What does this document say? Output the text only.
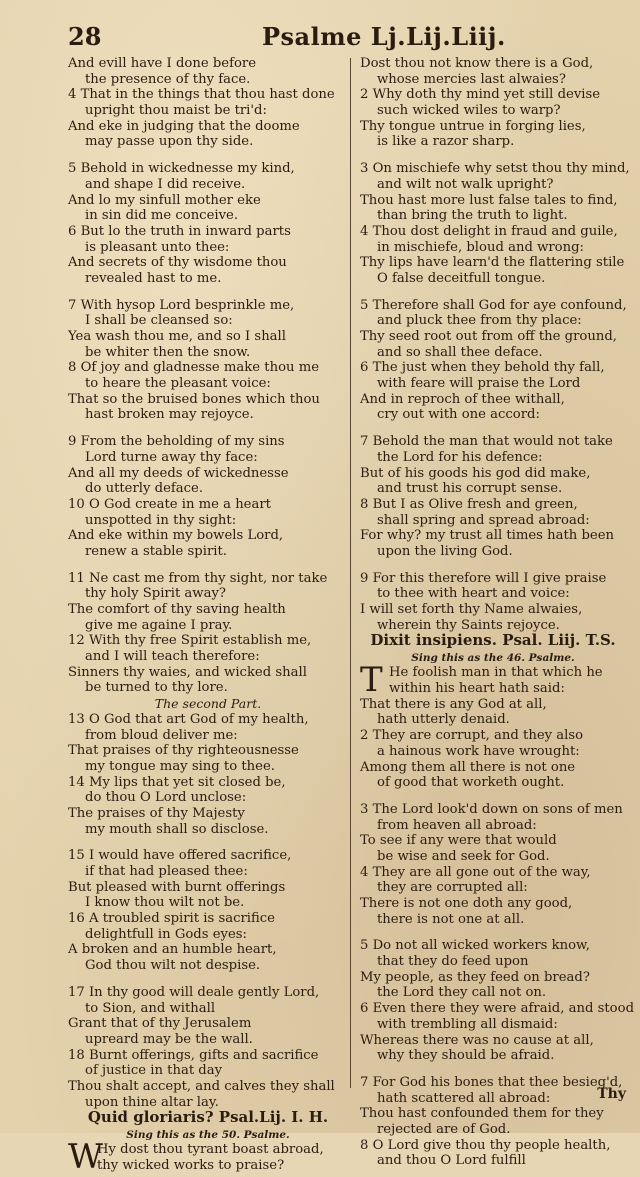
28	Psalme Lj.Lij.Liij.
And evill have I done before
the presence of thy face.
4 That in the things that thou hast done
upright thou maist be tri'd:
And eke in judging that the doome
may passe upon thy side.
5 Behold in wickednesse my kind,
and shape I did receive.
And lo my sinfull mother eke
in sin did me conceive.
6 But lo the truth in inward parts
is pleasant unto thee:
And secrets of thy wisdome thou
revealed hast to me.
7 With hysop Lord besprinkle me,
I shall be cleansed so:
Yea wash thou me, and so I shall
be whiter then the snow.
8 Of joy and gladnesse make thou me
to heare the pleasant voice:
That so the bruised bones which thou
hast broken may rejoyce.
9 From the beholding of my sins
Lord turne away thy face:
And all my deeds of wickednesse
do utterly deface.
10 O God create in me a heart
unspotted in thy sight:
And eke within my bowels Lord,
renew a stable spirit.
11 Ne cast me from thy sight, nor take
thy holy Spirit away?
The comfort of thy saving health
give me againe I pray.
12 With thy free Spirit establish me,
and I will teach therefore:
Sinners thy waies, and wicked shall
be turned to thy lore.
The second Part.
13 O God that art God of my health,
from bloud deliver me:
That praises of thy righteousnesse
my tongue may sing to thee.
14 My lips that yet sit closed be,
do thou O Lord unclose:
The praises of thy Majesty
my mouth shall so disclose.
15 I would have offered sacrifice,
if that had pleased thee:
But pleased with burnt offerings
I know thou wilt not be.
16 A troubled spirit is sacrifice
delightfull in Gods eyes:
A broken and an humble heart,
God thou wilt not despise.
17 In thy good will deale gently Lord,
to Sion, and withall
Grant that of thy Jerusalem
upreard may be the wall.
18 Burnt offerings, gifts and sacrifice
of justice in that day
Thou shalt accept, and calves they shall
upon thine altar lay.
Quid gloriaris? Psal.Lij. I. H.
Sing this as the 50. Psalme.
W
Hy dost thou tyrant boast abroad,
thy wicked works to praise?
Dost thou not know there is a God,
whose mercies last alwaies?
2 Why doth thy mind yet still devise
such wicked wiles to warp?
Thy tongue untrue in forging lies,
is like a razor sharp.
3 On mischiefe why setst thou thy mind,
and wilt not walk upright?
Thou hast more lust false tales to find,
than bring the truth to light.
4 Thou dost delight in fraud and guile,
in mischiefe, bloud and wrong:
Thy lips have learn'd the flattering stile
O false deceitfull tongue.
5 Therefore shall God for aye confound,
and pluck thee from thy place:
Thy seed root out from off the ground,
and so shall thee deface.
6 The just when they behold thy fall,
with feare will praise the Lord
And in reproch of thee withall,
cry out with one accord:
7 Behold the man that would not take
the Lord for his defence:
But of his goods his god did make,
and trust his corrupt sense.
8 But I as Olive fresh and green,
shall spring and spread abroad:
For why? my trust all times hath been
upon the living God.
9 For this therefore will I give praise
to thee with heart and voice:
I will set forth thy Name alwaies,
wherein thy Saints rejoyce.
Dixit insipiens. Psal. Liij. T.S.
Sing this as the 46. Psalme.
T He foolish man in that which he
within his heart hath said:
That there is any God at all,
hath utterly denaid.
2 They are corrupt, and they also
a hainous work have wrought:
Among them all there is not one
of good that worketh ought.
3 The Lord look'd down on sons of men
from heaven all abroad:
To see if any were that would
be wise and seek for God.
4 They are all gone out of the way,
they are corrupted all:
There is not one doth any good,
there is not one at all.
5 Do not all wicked workers know,
that they do feed upon
My people, as they feed on bread?
the Lord they call not on.
6 Even there they were afraid, and stood
with trembling all dismaid:
Whereas there was no cause at all,
why they should be afraid.
7 For God his bones that thee besieg'd,
hath scattered all abroad:
Thou hast confounded them for they
rejected are of God.
8 O Lord give thou thy people health,
and thou O Lord fulfill
Thy
